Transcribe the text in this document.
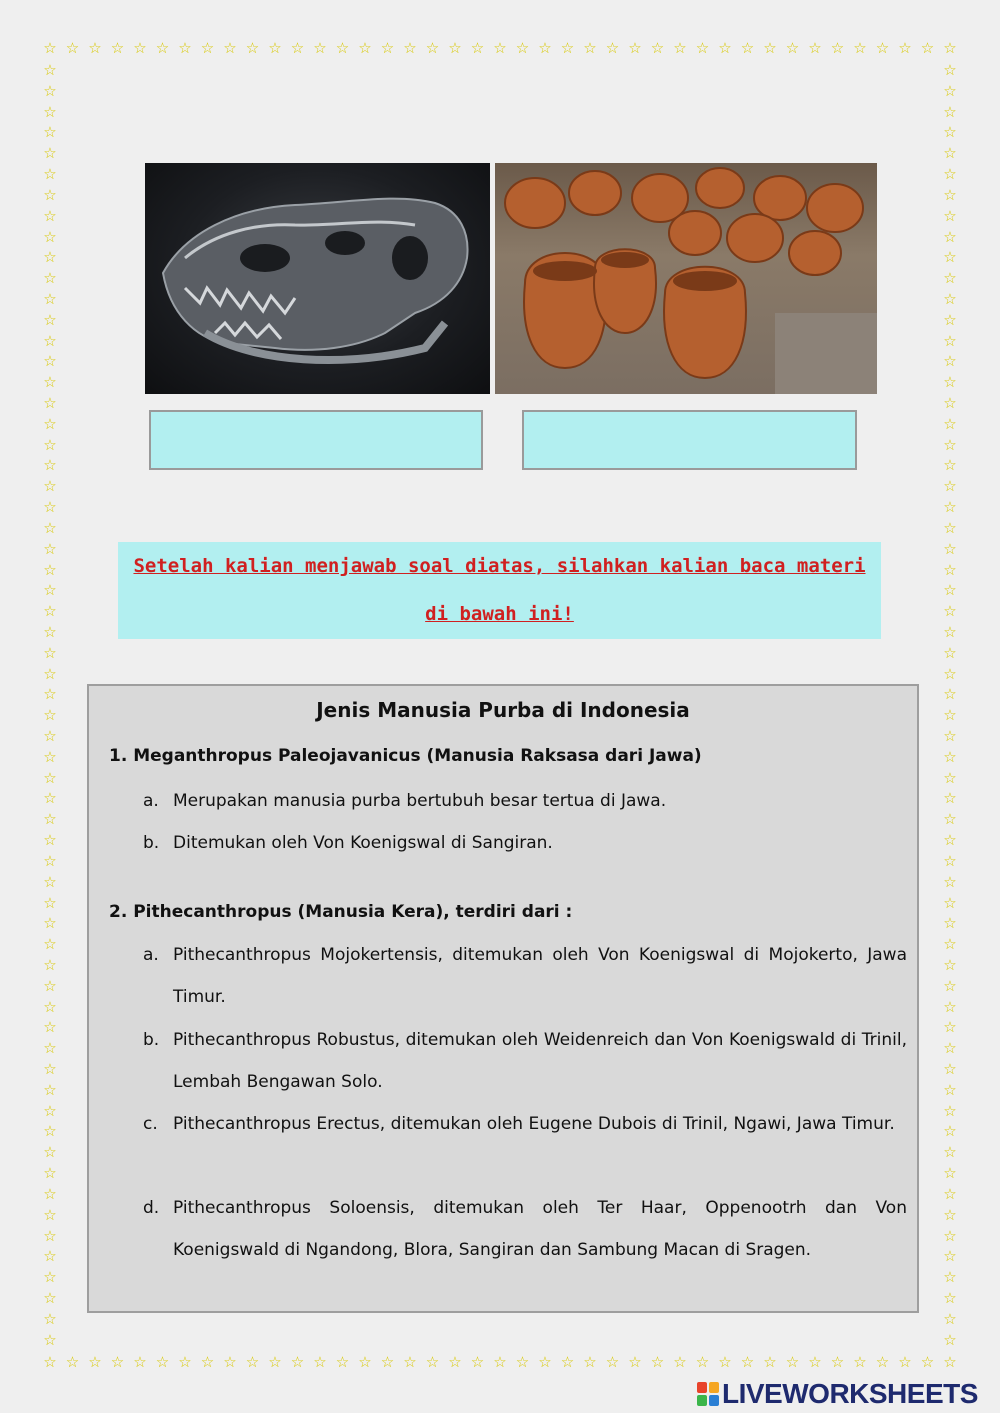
☆ ☆ ☆ ☆ ☆ ☆ ☆ ☆ ☆ ☆ ☆ ☆ ☆ ☆ ☆ ☆ ☆ ☆ ☆ ☆ ☆ ☆ ☆ ☆ ☆ ☆ ☆ ☆ ☆ ☆ ☆ ☆ ☆ ☆ ☆ ☆ ☆ ☆ ☆ ☆ ☆
☆ ☆ ☆ ☆ ☆ ☆ ☆ ☆ ☆ ☆ ☆ ☆ ☆ ☆ ☆ ☆ ☆ ☆ ☆ ☆ ☆ ☆ ☆ ☆ ☆ ☆ ☆ ☆ ☆ ☆ ☆ ☆ ☆ ☆ ☆ ☆ ☆ ☆ ☆ ☆ ☆
☆
☆
☆
☆
☆
☆
☆
☆
☆
☆
☆
☆
☆
☆
☆
☆
☆
☆
☆
☆
☆
☆
☆
☆
☆
☆
☆
☆
☆
☆
☆
☆
☆
☆
☆
☆
☆
☆
☆
☆
☆
☆
☆
☆
☆
☆
☆
☆
☆
☆
☆
☆
☆
☆
☆
☆
☆
☆
☆
☆
☆
☆
☆
☆
☆
☆
☆
☆
☆
☆
☆
☆
☆
☆
☆
☆
☆
☆
☆
☆
☆
☆
☆
☆
☆
☆
☆
☆
☆
☆
☆
☆
☆
☆
☆
☆
☆
☆
☆
☆
☆
☆
☆
☆
☆
☆
☆
☆
☆
☆
☆
☆
☆
☆
☆
☆
☆
☆
☆
☆
☆
☆
☆
☆
Setelah kalian menjawab soal diatas, silahkan kalian baca materi
di bawah ini!
Jenis Manusia Purba di Indonesia
1. Meganthropus Paleojavanicus (Manusia Raksasa dari Jawa)
a. Merupakan manusia purba bertubuh besar tertua di Jawa.
b. Ditemukan oleh Von Koenigswal di Sangiran.
2. Pithecanthropus (Manusia Kera), terdiri dari :
a. Pithecanthropus Mojokertensis, ditemukan oleh Von Koenigswal di Mojokerto, Jawa Timur.
b. Pithecanthropus Robustus, ditemukan oleh Weidenreich dan Von Koenigswald di Trinil, Lembah Bengawan Solo.
c. Pithecanthropus Erectus, ditemukan oleh Eugene Dubois di Trinil, Ngawi, Jawa Timur.
d. Pithecanthropus Soloensis, ditemukan oleh Ter Haar, Oppenootrh dan Von Koenigswald di Ngandong, Blora, Sangiran dan Sambung Macan di Sragen.
LIVEWORKSHEETS
